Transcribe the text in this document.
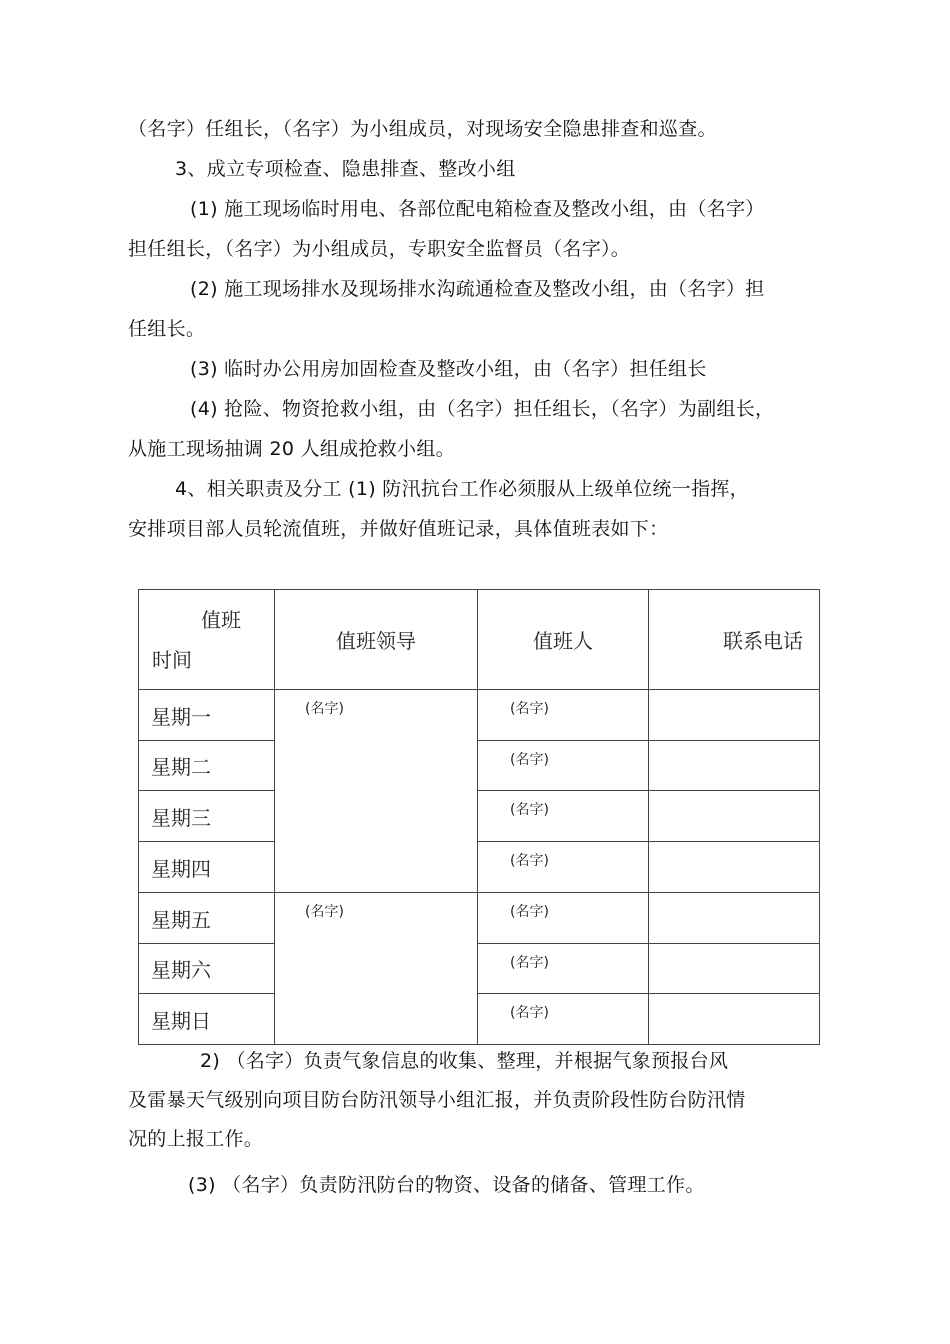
（名字）任组长，（名字）为小组成员，对现场安全隐患排查和巡查。
3、成立专项检查、隐患排查、整改小组
(1) 施工现场临时用电、各部位配电箱检查及整改小组，由（名字）
担任组长，（名字）为小组成员，专职安全监督员（名字）。
(2) 施工现场排水及现场排水沟疏通检查及整改小组，由（名字）担
任组长。
(3) 临时办公用房加固检查及整改小组，由（名字）担任组长
(4) 抢险、物资抢救小组，由（名字）担任组长，（名字）为副组长，
从施工现场抽调 20 人组成抢救小组。
4、相关职责及分工 (1) 防汛抗台工作必须服从上级单位统一指挥，
安排项目部人员轮流值班，并做好值班记录，具体值班表如下：
值班
时间	值班领导	值班人	联系电话
星期一	(名字)	(名字)	
星期二		(名字)	
星期三		(名字)	
星期四		(名字)	
星期五	(名字)	(名字)	
星期六		(名字)	
星期日		(名字)	
2) （名字）负责气象信息的收集、整理，并根据气象预报台风
及雷暴天气级别向项目防台防汛领导小组汇报，并负责阶段性防台防汛情
况的上报工作。
(3) （名字）负责防汛防台的物资、设备的储备、管理工作。
